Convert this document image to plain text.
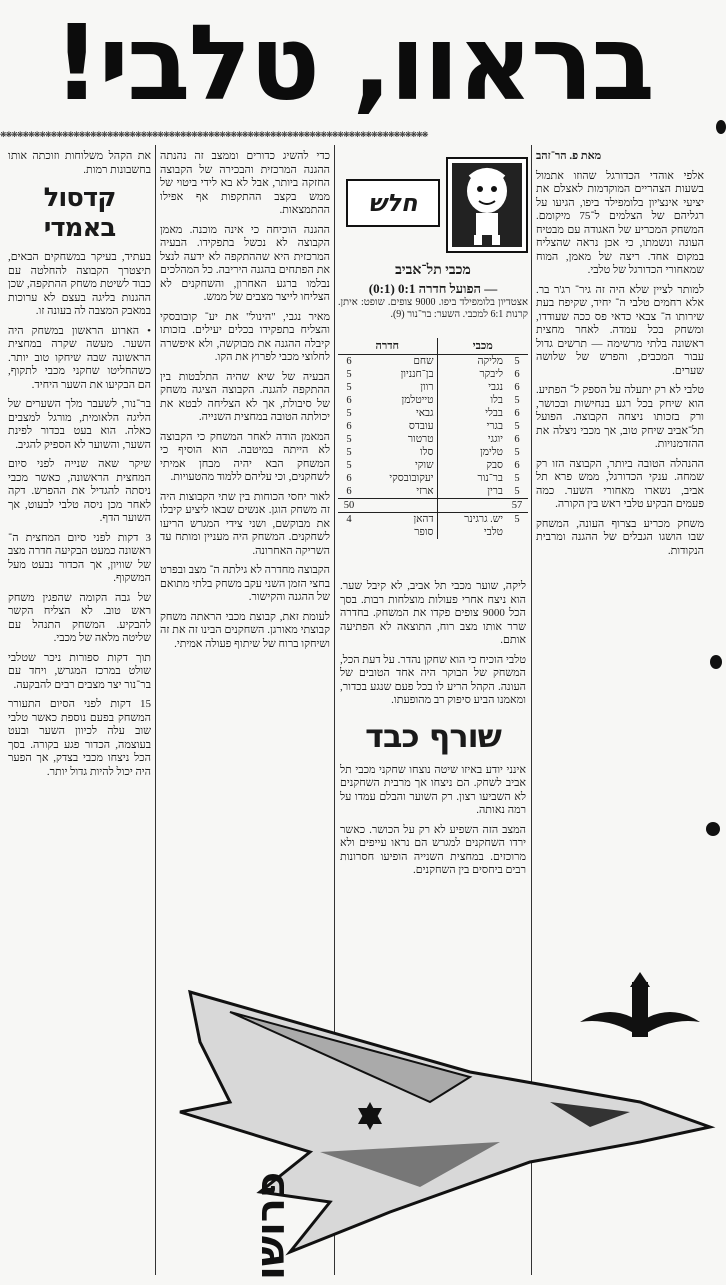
בראוו, טלבי!
❋❋❋❋❋❋❋❋❋❋❋❋❋❋❋❋❋❋❋❋❋❋❋❋❋❋❋❋❋❋❋❋❋❋❋❋❋❋❋❋❋❋❋❋❋❋❋❋❋❋❋❋❋❋❋❋❋❋❋❋❋❋❋❋❋❋❋❋❋❋❋❋❋❋❋❋
מאת פ. הר־זהב

אלפי אוהדי הכדורגל שהוזו אתמול בשעות הצהריים המוקדמות לאצלם את יציעי אינצ'יון בלומפילד ביפו, הגיעו על רגליהם של הצלמים ל־75 מיקומם. המשחק המכריע של האגודה עם מבטיח העונה ונשמתו, כי אכן נראה שהצליח במקום אחד. ריצה של מאמן, המוח שמאחורי הכדורגל של טלבי.

למותר לציין שלא היה זה גיר־ רג'ר בר. אלא רחמים טלבי ה־ יחיד, שקיפח בעת שירותו ה־ צבאי כדאי פס ככה שעודדו, ומשחק בכל עמדה. לאחר מחצית ראשונה בלתי מרשימה — תרשים גדול עבור המכבים, והפרש של שלושה שערים.

טלבי לא רק יתעלה על הספק ל־ הפתיע. הוא שיחק בכל רגע בנחישות ובכושר, ורק בזכותו ניצחה הקבוצה. הפועל תל־אביב שיחק טוב, אך מכבי ניצלה את ההזדמנויות.

ההנהלה הטובה ביותר, הקבוצה הזו רק שמחה. ענקי הכדורגל, ממש פרא תל אביב, נשארו מאחורי השער. כמה פעמים הבקיע טלבי ראש בין הקורה.

משחק מכריע בצרוף העונה, המשחק שבו הושגו הגבלים של ההגנה ומרבית הנקודות.

חלש
מכבי תל־אביב
— הפועל חדרה 0:1 (0:1)
אצטדיון בלומפילד ביפו. 9000 צופים. שופט: איתן. קרנות 6:1 למכבי. השער: בר־נור (9).
מכבי		חדרה	
5	מליקה	שחם	6
6	ליבקר	בן־חנניון	5
6	נגבי	רוון	5
5	בלו	טייטלמן	6
6	בבלי	גבאי	5
5	בגרי	עובדס	6
6	יוגגי	טרטור	5
5	טלימן	סלו	5
6	סבק	שוקי	5
5	בר־נור	יעקובובסקי	6
5	ברין	ארזי	6
57			50
5	יש. גרגינר	דהאן	4
	טלבי	סופר	

ליקה, שוער מכבי תל אביב, לא קיבל שער. הוא ניצח אחרי פעולות מוצלחות רבות. בסך הכל 9000 צופים פקדו את המשחק. בחדרה שרר אותו מצב רוח, התוצאה לא הפתיעה אותם.

טלבי הוכיח כי הוא שחקן נהדר. על דעת הכל, המשחק של הבוקר היה אחד הטובים של העונה. הקהל הריע לו בכל פעם שנגע בכדור, ומאמנו הביע סיפוק רב מהופעתו.

שורף כבד

אינני יודע באיזו שיטה נוצחו שחקני מכבי תל אביב לשחק. הם ניצחו אך מרבית השחקנים לא השביעו רצון. רק השוער והבלם עמדו על רמה נאותה.

המצב הזה השפיע לא רק על הכושר. כאשר ירדו השחקנים למגרש הם נראו עייפים ולא מרוכזים. במחצית השנייה הופיעו חסרונות רבים ביחסים בין השחקנים.

כדי להשיג כדורים וממצב זה נהנתה ההגנה המרכזית והבכירה של הקבוצה החזקה ביותר, אבל לא בא לידי ביטוי של ממש בקצב ההתקפות אף אפילו ההתמצאות.

ההגנה הוכיחה כי אינה מוכנה. מאמן הקבוצה לא נכשל בתפקידו. הבעיה המרכזית היא שההתקפה לא ידעה לנצל את הפתחים בהגנה היריבה. כל המהלכים נבלמו ברגע האחרון, והשחקנים לא הצליחו לייצר מצבים של ממש.

מאיר נגבי, "הינול" את יע־ קובובסקי והצליח בתפקידו בכלים יעילים. בזכותו קיבלה ההגנה את מבוקשה, ולא איפשרה לחלוצי מכבי לפרוץ את הקו.

הבעיה של שיא שהיה התלבטות בין ההתקפה להגנה. הקבוצה הציגה משחק של סיבולת, אך לא הצליחה לבטא את יכולתה הטובה במחצית השנייה.

המאמן הודה לאחר המשחק כי הקבוצה לא הייתה במיטבה. הוא הוסיף כי המשחק הבא יהיה מבחן אמיתי לשחקנים, וכי עליהם ללמוד מהטעויות.

לאור יחסי הכוחות בין שתי הקבוצות היה זה משחק הוגן. אנשים שבאו ליציע קיבלו את מבוקשם, ושני צידי המגרש הריעו לשחקנים. המשחק היה מעניין ומותח עד השריקה האחרונה.

הקבוצה מחדרה לא גילתה ה־ מצב ובפרט בחצי הזמן השני עקב משחק בלתי מתואם של ההגנה והקישור.

לעומת זאת, קבוצת מכבי הראתה משחק קבוצתי מאורגן. השחקנים הבינו זה את זה ושיחקו ברוח של שיתוף פעולה אמיתי.

את הקהל משלוחות וזוכתה אותו בחשבונות רמות.

קדסול באמדי

בעתיד, בעיקר במשחקים הבאים, תיצטרך הקבוצה להחלטה עם כבוד לשיטת משחק ההתקפה, שכן ההגנות בליגה בעצם לא ערוכות במאבק המצבה לה בעונה זו.

• הארוע הראשון במשחק היה השער. מעשה שקרה במחצית הראשונה שבה שיחקו טוב יותר. כשהחליטו שחקני מכבי לתקוף, הם הבקיעו את השער היחיד.

בר־נור, לשעבר מלך השערים של הליגה הלאומית, מורגל למצבים כאלה. הוא בעט בכדור לפינת השער, והשוער לא הספיק להגיב.

שיקר שאה שנייה לפני סיום המחצית הראשונה, כאשר מכבי ניסתה להגדיל את ההפרש. דקה לאחר מכן ניסה טלבי לבעוט, אך השוער הדף.

3 דקות לפני סיום המחצית ה־ ראשונה כמעט הבקיעה חדרה מצב של שוויון, אך הכדור נבעט מעל המשקוף.

של גבה הקומה שהפגין משחק ראש טוב. לא הצליח הקשר להבקיע. המשחק התנהל עם שליטה מלאה של מכבי.

תוך דקות ספורות ניכר שטלבי שולט במרכז המגרש, ויחד עם בר־נור יצר מצבים רבים להבקעה.

15 דקות לפני הסיום התעורר המשחק בפעם נוספת כאשר טלבי שוב עלה לכיוון השער ובעט בעוצמה, הכדור פגע בקורה. בסך הכל ניצחו מכבי בצדק, אך הפער היה יכול להיות גדול יותר.

פרושו
